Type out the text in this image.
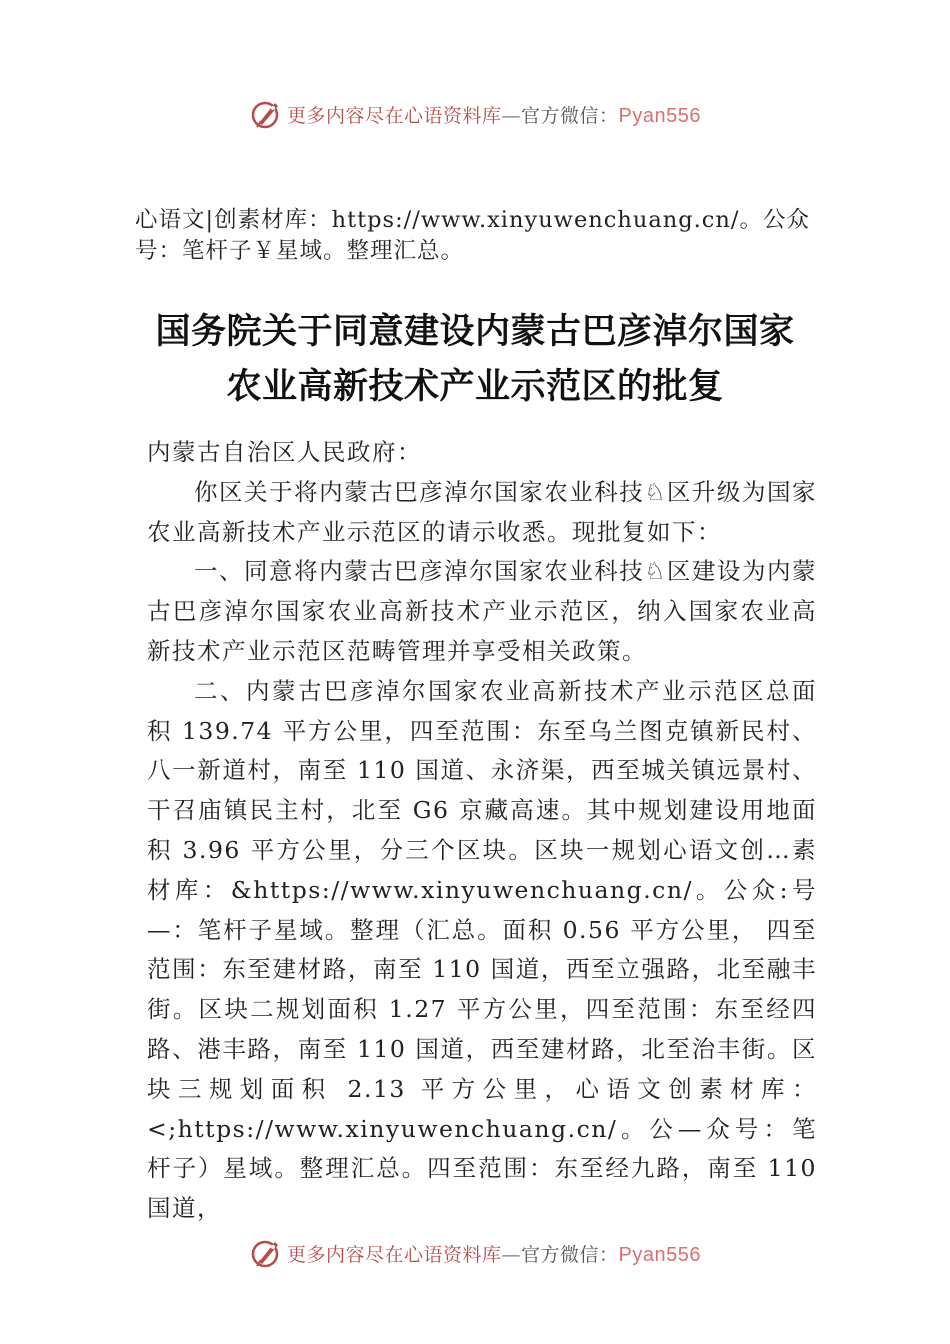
更多内容尽在心语资料库—官方微信：Pyan556
心语文|创素材库：https://www.xinyuwenchuang.cn/。公众号：笔杆子￥星域。整理汇总。
国务院关于同意建设内蒙古巴彦淖尔国家
农业高新技术产业示范区的批复

内蒙古自治区人民政府：

你区关于将内蒙古巴彦淖尔国家农业科技♘区升级为国家农业高新技术产业示范区的请示收悉。现批复如下：

一、同意将内蒙古巴彦淖尔国家农业科技♘区建设为内蒙古巴彦淖尔国家农业高新技术产业示范区，纳入国家农业高新技术产业示范区范畴管理并享受相关政策。

二、内蒙古巴彦淖尔国家农业高新技术产业示范区总面积 139.74 平方公里，四至范围：东至乌兰图克镇新民村、八一新道村，南至 110 国道、永济渠，西至城关镇远景村、干召庙镇民主村，北至 G6 京藏高速。其中规划建设用地面积 3.96 平方公里，分三个区块。区块一规划心语文创…素材库：&https://www.xinyuwenchuang.cn/。公众:号—：笔杆子星域。整理（汇总。面积 0.56 平方公里， 四至范围：东至建材路，南至 110 国道，西至立强路，北至融丰街。区块二规划面积 1.27 平方公里，四至范围：东至经四路、港丰路，南至 110 国道，西至建材路，北至治丰街。区块三规划面积 2.13 平方公里，心语文创素材库：<;https://www.xinyuwenchuang.cn/。公—众号：笔杆子）星域。整理汇总。四至范围：东至经九路，南至 110 国道，

更多内容尽在心语资料库—官方微信：Pyan556
